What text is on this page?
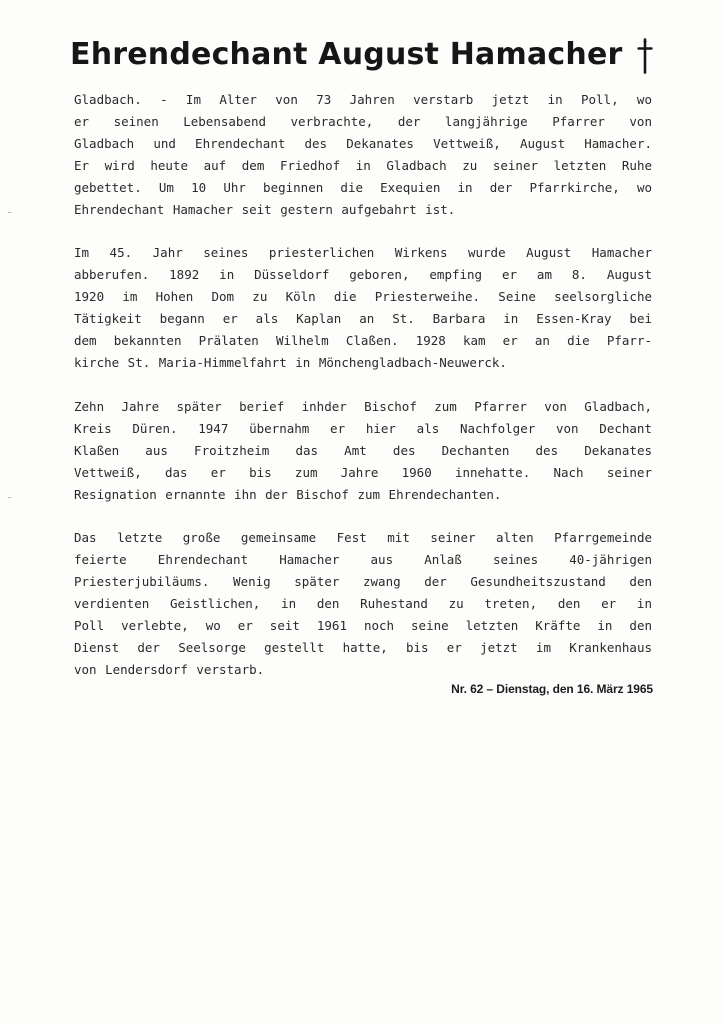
Ehrendechant August Hamacher

Gladbach. - Im Alter von 73 Jahren verstarb jetzt in Poll, wo
er seinen Lebensabend verbrachte, der langjährige Pfarrer von
Gladbach und Ehrendechant des Dekanates Vettweiß, August Hamacher.
Er wird heute auf dem Friedhof in Gladbach zu seiner letzten Ruhe
gebettet. Um 10 Uhr beginnen die Exequien in der Pfarrkirche, wo
Ehrendechant Hamacher seit gestern aufgebahrt ist.

Im 45. Jahr seines priesterlichen Wirkens wurde August Hamacher
abberufen. 1892 in Düsseldorf geboren, empfing er am 8. August
1920 im Hohen Dom zu Köln die Priesterweihe. Seine seelsorgliche
Tätigkeit begann er als Kaplan an St. Barbara in Essen-Kray bei
dem bekannten Prälaten Wilhelm Claßen. 1928 kam er an die Pfarr-
kirche St. Maria-Himmelfahrt in Mönchengladbach-Neuwerck.

Zehn Jahre später berief inhder Bischof zum Pfarrer von Gladbach,
Kreis Düren. 1947 übernahm er hier als Nachfolger von Dechant
Klaßen aus Froitzheim das Amt des Dechanten des Dekanates
Vettweiß, das er bis zum Jahre 1960 innehatte. Nach seiner
Resignation ernannte ihn der Bischof zum Ehrendechanten.

Das letzte große gemeinsame Fest mit seiner alten Pfarrgemeinde
feierte Ehrendechant Hamacher aus Anlaß seines 40-jährigen
Priesterjubiläums. Wenig später zwang der Gesundheitszustand den
verdienten Geistlichen, in den Ruhestand zu treten, den er in
Poll verlebte, wo er seit 1961 noch seine letzten Kräfte in den
Dienst der Seelsorge gestellt hatte, bis er jetzt im Krankenhaus
von Lendersdorf verstarb.

Nr. 62 – Dienstag, den 16. März 1965
